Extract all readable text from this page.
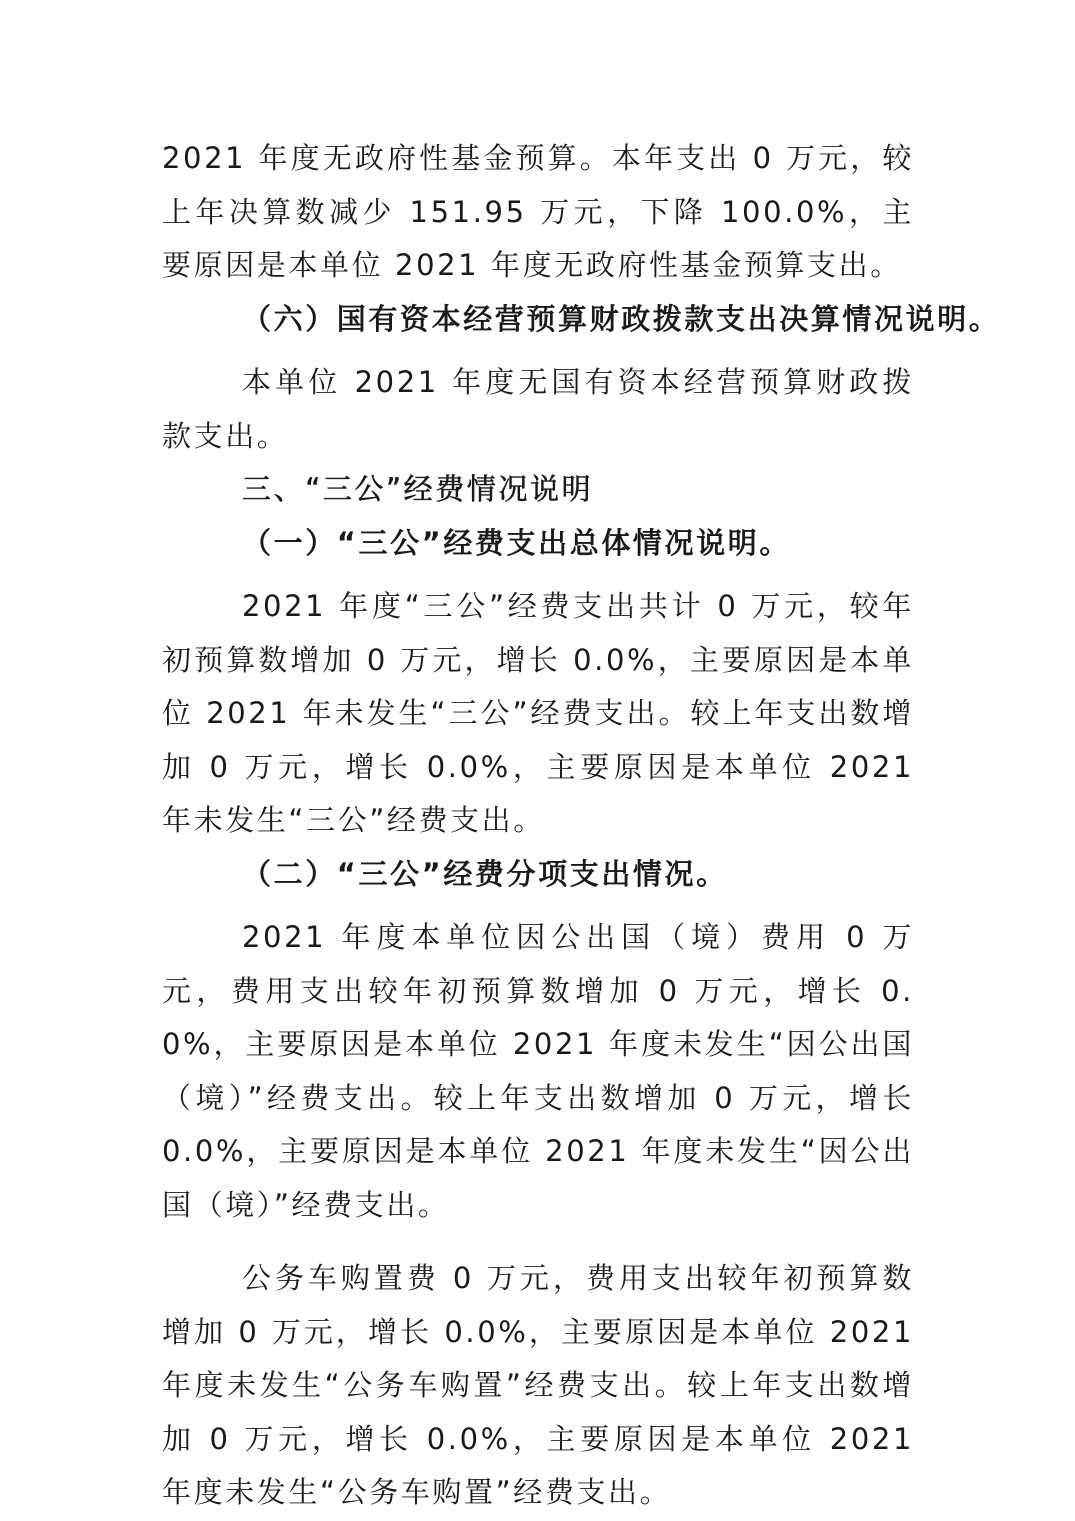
2021 年度无政府性基金预算。本年支出 0 万元，较上年决算数减少 151.95 万元，下降 100.0%，主要原因是本单位 2021 年度无政府性基金预算支出。

（六）国有资本经营预算财政拨款支出决算情况说明。

本单位 2021 年度无国有资本经营预算财政拨款支出。

三、“三公”经费情况说明
（一）“三公”经费支出总体情况说明。

2021 年度“三公”经费支出共计 0 万元，较年初预算数增加 0 万元，增长 0.0%，主要原因是本单位 2021 年未发生“三公”经费支出。较上年支出数增加 0 万元，增长 0.0%，主要原因是本单位 2021 年未发生“三公”经费支出。

（二）“三公”经费分项支出情况。

2021 年度本单位因公出国（境）费用 0 万元，费用支出较年初预算数增加 0 万元，增长 0.0%，主要原因是本单位 2021 年度未发生“因公出国（境）”经费支出。较上年支出数增加 0 万元，增长 0.0%，主要原因是本单位 2021 年度未发生“因公出国（境）”经费支出。

公务车购置费 0 万元，费用支出较年初预算数增加 0 万元，增长 0.0%，主要原因是本单位 2021 年度未发生“公务车购置”经费支出。较上年支出数增加 0 万元，增长 0.0%，主要原因是本单位 2021 年度未发生“公务车购置”经费支出。
